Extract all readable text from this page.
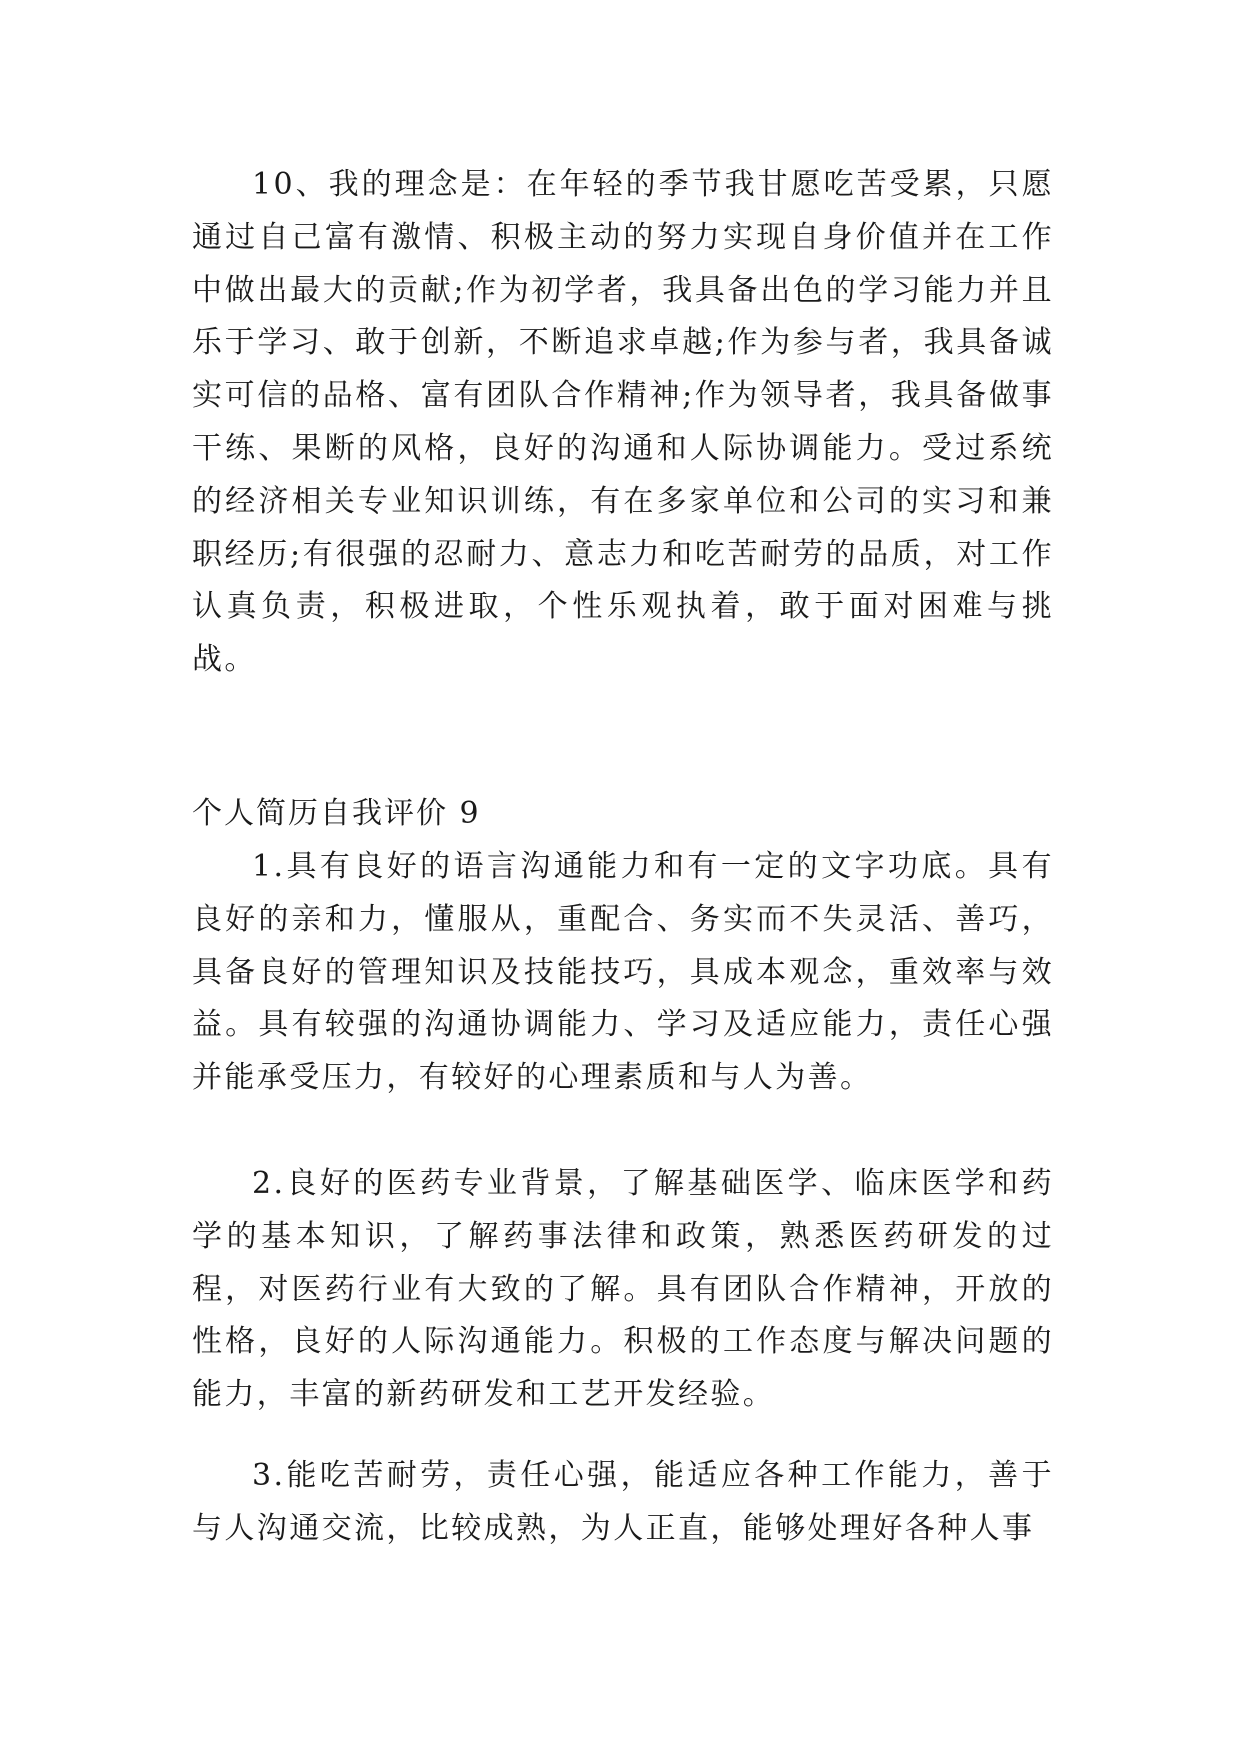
10、我的理念是：在年轻的季节我甘愿吃苦受累，只愿通过自己富有激情、积极主动的努力实现自身价值并在工作中做出最大的贡献;作为初学者，我具备出色的学习能力并且乐于学习、敢于创新，不断追求卓越;作为参与者，我具备诚实可信的品格、富有团队合作精神;作为领导者，我具备做事干练、果断的风格，良好的沟通和人际协调能力。受过系统的经济相关专业知识训练，有在多家单位和公司的实习和兼职经历;有很强的忍耐力、意志力和吃苦耐劳的品质，对工作认真负责，积极进取，个性乐观执着，敢于面对困难与挑战。

个人简历自我评价 9

1.具有良好的语言沟通能力和有一定的文字功底。具有良好的亲和力，懂服从，重配合、务实而不失灵活、善巧，具备良好的管理知识及技能技巧，具成本观念，重效率与效益。具有较强的沟通协调能力、学习及适应能力，责任心强并能承受压力，有较好的心理素质和与人为善。

2.良好的医药专业背景，了解基础医学、临床医学和药学的基本知识，了解药事法律和政策，熟悉医药研发的过程，对医药行业有大致的了解。具有团队合作精神，开放的性格，良好的人际沟通能力。积极的工作态度与解决问题的能力，丰富的新药研发和工艺开发经验。

3.能吃苦耐劳，责任心强，能适应各种工作能力，善于与人沟通交流，比较成熟，为人正直，能够处理好各种人事
